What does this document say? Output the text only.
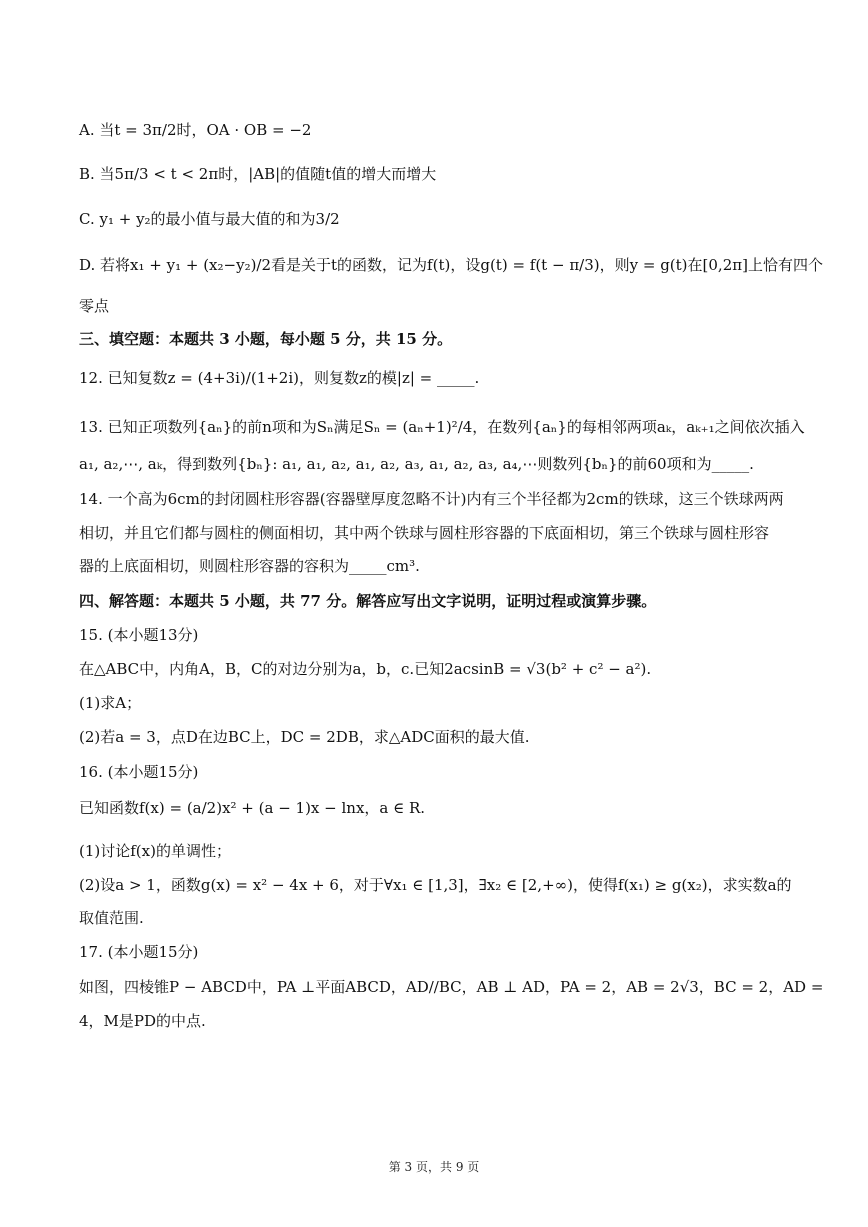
A. 当t = 3π/2时，OA · OB = −2
B. 当5π/3 < t < 2π时，|AB|的值随t值的增大而增大
C. y₁ + y₂的最小值与最大值的和为3/2
D. 若将x₁ + y₁ + (x₂−y₂)/2看是关于t的函数，记为f(t)，设g(t) = f(t − π/3)，则y = g(t)在[0,2π]上恰有四个
零点
三、填空题：本题共 3 小题，每小题 5 分，共 15 分。
12. 已知复数z = (4+3i)/(1+2i)，则复数z的模|z| = _____.
13. 已知正项数列{aₙ}的前n项和为Sₙ满足Sₙ = (aₙ+1)²/4，在数列{aₙ}的每相邻两项aₖ，aₖ₊₁之间依次插入
a₁, a₂,⋯, aₖ，得到数列{bₙ}: a₁, a₁, a₂, a₁, a₂, a₃, a₁, a₂, a₃, a₄,⋯则数列{bₙ}的前60项和为_____.
14. 一个高为6cm的封闭圆柱形容器(容器壁厚度忽略不计)内有三个半径都为2cm的铁球，这三个铁球两两
相切，并且它们都与圆柱的侧面相切，其中两个铁球与圆柱形容器的下底面相切，第三个铁球与圆柱形容
器的上底面相切，则圆柱形容器的容积为_____cm³.
四、解答题：本题共 5 小题，共 77 分。解答应写出文字说明，证明过程或演算步骤。
15. (本小题13分)
在△ABC中，内角A，B，C的对边分别为a，b，c.已知2acsinB = √3(b² + c² − a²).
(1)求A；
(2)若a = 3，点D在边BC上，DC = 2DB，求△ADC面积的最大值.
16. (本小题15分)
已知函数f(x) = (a/2)x² + (a − 1)x − lnx，a ∈ R.
(1)讨论f(x)的单调性；
(2)设a > 1，函数g(x) = x² − 4x + 6，对于∀x₁ ∈ [1,3]，∃x₂ ∈ [2,+∞)，使得f(x₁) ≥ g(x₂)，求实数a的
取值范围.
17. (本小题15分)
如图，四棱锥P − ABCD中，PA ⊥平面ABCD，AD//BC，AB ⊥ AD，PA = 2，AB = 2√3，BC = 2，AD =
4，M是PD的中点.
第 3 页，共 9 页
